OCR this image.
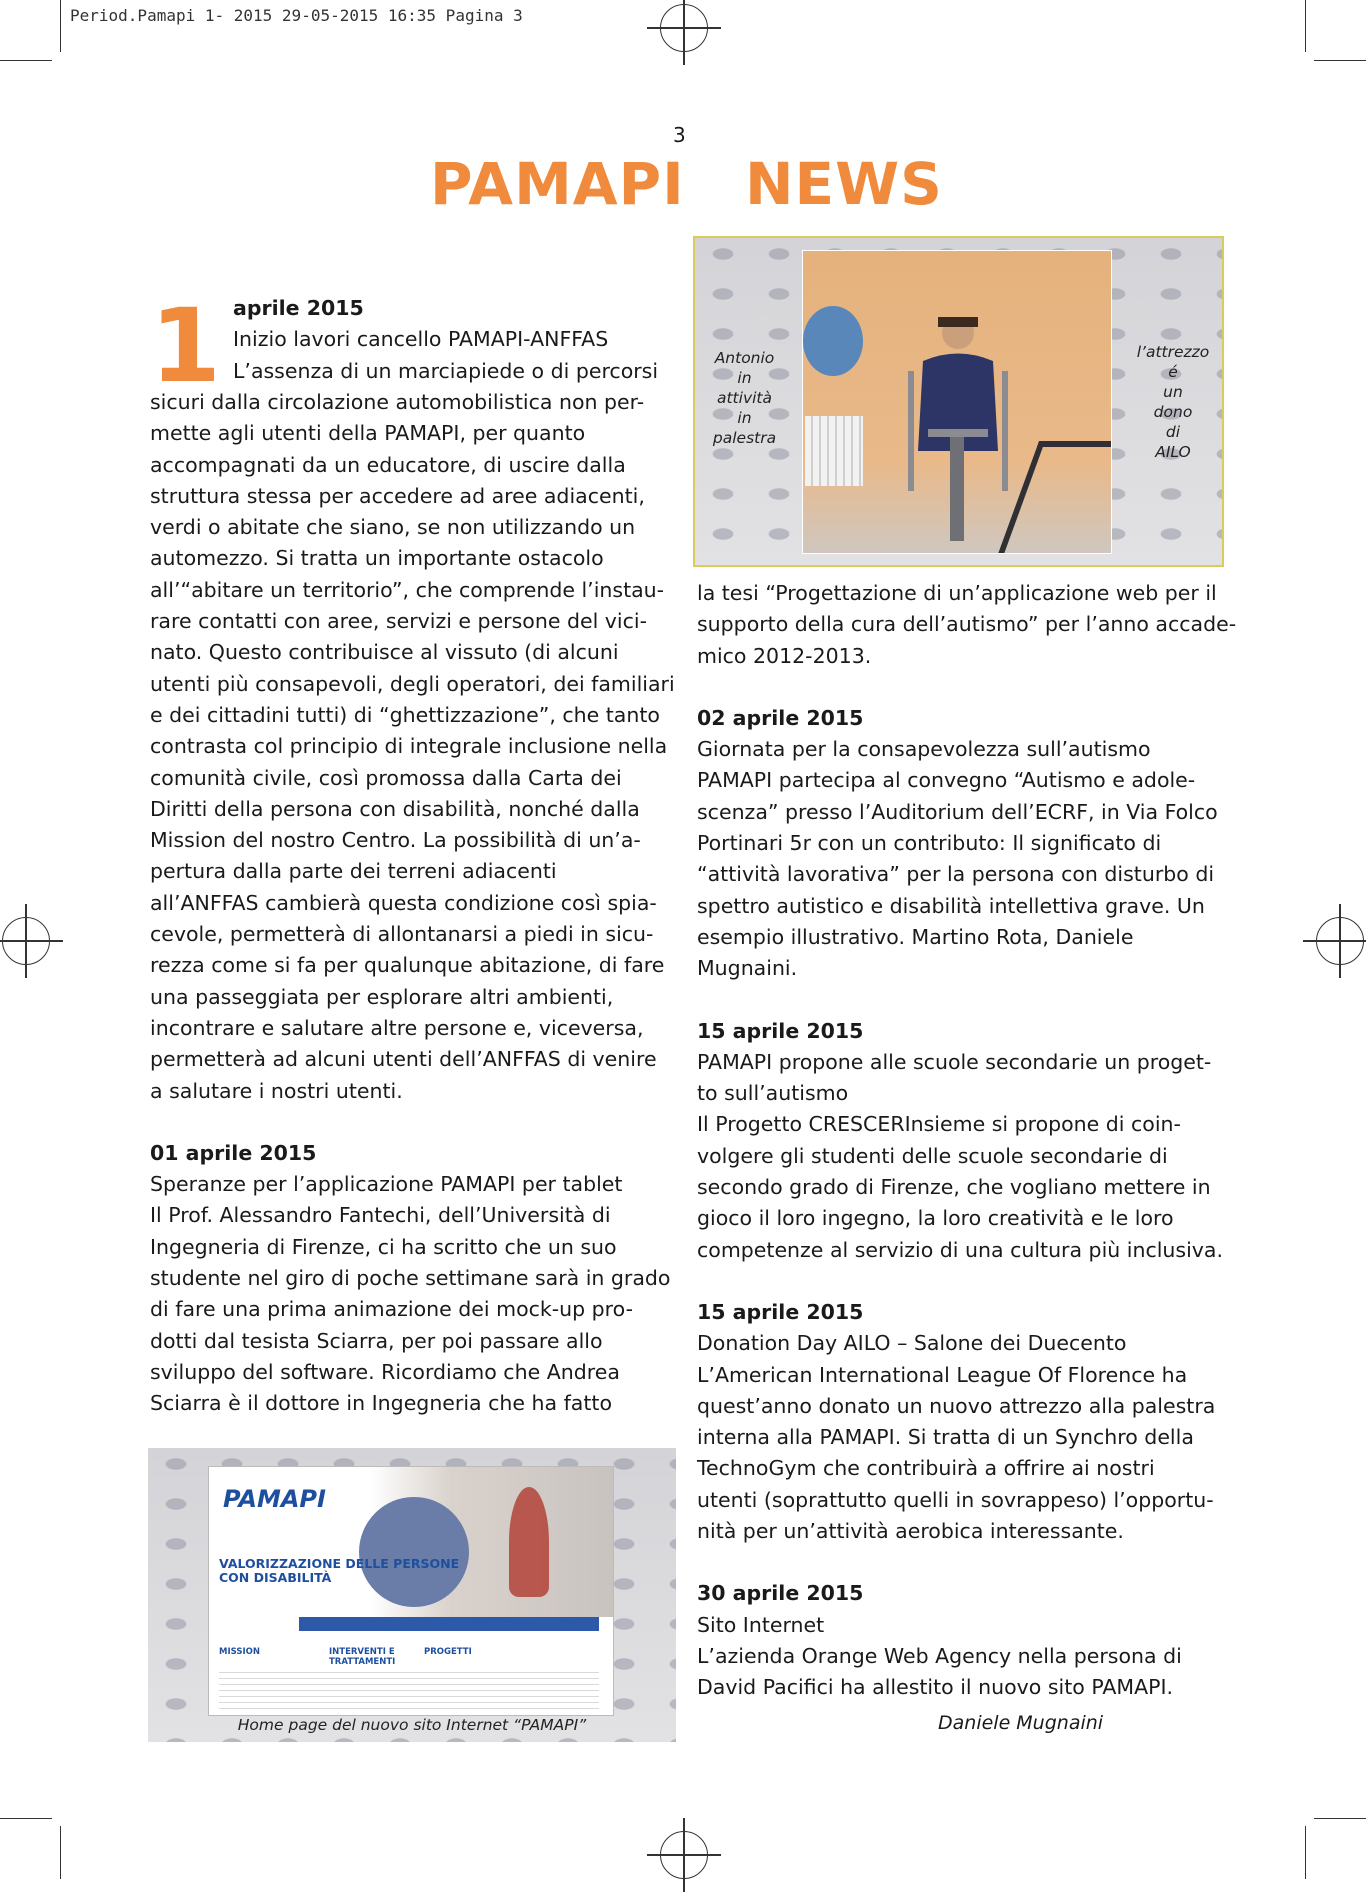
Period.Pamapi 1- 2015 29-05-2015 16:35 Pagina 3
3
PAMAPI NEWS
1 aprile 2015

Inizio lavori cancello PAMAPI-ANFFAS

L’assenza di un marciapiede o di percorsi

sicuri dalla circolazione automobilistica non per-

mette agli utenti della PAMAPI, per quanto

accompagnati da un educatore, di uscire dalla

struttura stessa per accedere ad aree adiacenti,

verdi o abitate che siano, se non utilizzando un

automezzo. Si tratta un importante ostacolo

all’“abitare un territorio”, che comprende l’instau-

rare contatti con aree, servizi e persone del vici-

nato. Questo contribuisce al vissuto (di alcuni

utenti più consapevoli, degli operatori, dei familiari

e dei cittadini tutti) di “ghettizzazione”, che tanto

contrasta col principio di integrale inclusione nella

comunità civile, così promossa dalla Carta dei

Diritti della persona con disabilità, nonché dalla

Mission del nostro Centro. La possibilità di un’a-

pertura dalla parte dei terreni adiacenti

all’ANFFAS cambierà questa condizione così spia-

cevole, permetterà di allontanarsi a piedi in sicu-

rezza come si fa per qualunque abitazione, di fare

una passeggiata per esplorare altri ambienti,

incontrare e salutare altre persone e, viceversa,

permetterà ad alcuni utenti dell’ANFFAS di venire

a salutare i nostri utenti.

01 aprile 2015

Speranze per l’applicazione PAMAPI per tablet

Il Prof. Alessandro Fantechi, dell’Università di

Ingegneria di Firenze, ci ha scritto che un suo

studente nel giro di poche settimane sarà in grado

di fare una prima animazione dei mock-up pro-

dotti dal tesista Sciarra, per poi passare allo

sviluppo del software. Ricordiamo che Andrea

Sciarra è il dottore in Ingegneria che ha fatto

Antonio
in
attività
in
palestra
l’attrezzo
é
un
dono
di
AILO

la tesi “Progettazione di un’applicazione web per il

supporto della cura dell’autismo” per l’anno accade-

mico 2012-2013.

02 aprile 2015

Giornata per la consapevolezza sull’autismo

PAMAPI partecipa al convegno “Autismo e adole-

scenza” presso l’Auditorium dell’ECRF, in Via Folco

Portinari 5r con un contributo: Il significato di

“attività lavorativa” per la persona con disturbo di

spettro autistico e disabilità intellettiva grave. Un

esempio illustrativo. Martino Rota, Daniele

Mugnaini.

15 aprile 2015

PAMAPI propone alle scuole secondarie un proget-

to sull’autismo

Il Progetto CRESCERInsieme si propone di coin-

volgere gli studenti delle scuole secondarie di

secondo grado di Firenze, che vogliano mettere in

gioco il loro ingegno, la loro creatività e le loro

competenze al servizio di una cultura più inclusiva.

15 aprile 2015

Donation Day AILO – Salone dei Duecento

L’American International League Of Florence ha

quest’anno donato un nuovo attrezzo alla palestra

interna alla PAMAPI. Si tratta di un Synchro della

TechnoGym che contribuirà a offrire ai nostri

utenti (soprattutto quelli in sovrappeso) l’opportu-

nità per un’attività aerobica interessante.

30 aprile 2015

Sito Internet

L’azienda Orange Web Agency nella persona di

David Pacifici ha allestito il nuovo sito PAMAPI.

Daniele Mugnaini
PAMAPI
VALORIZZAZIONE DELLE PERSONE
CON DISABILITÀ
MISSION	INTERVENTI E TRATTAMENTI
PROGETTI
Home page del nuovo sito Internet “PAMAPI”
